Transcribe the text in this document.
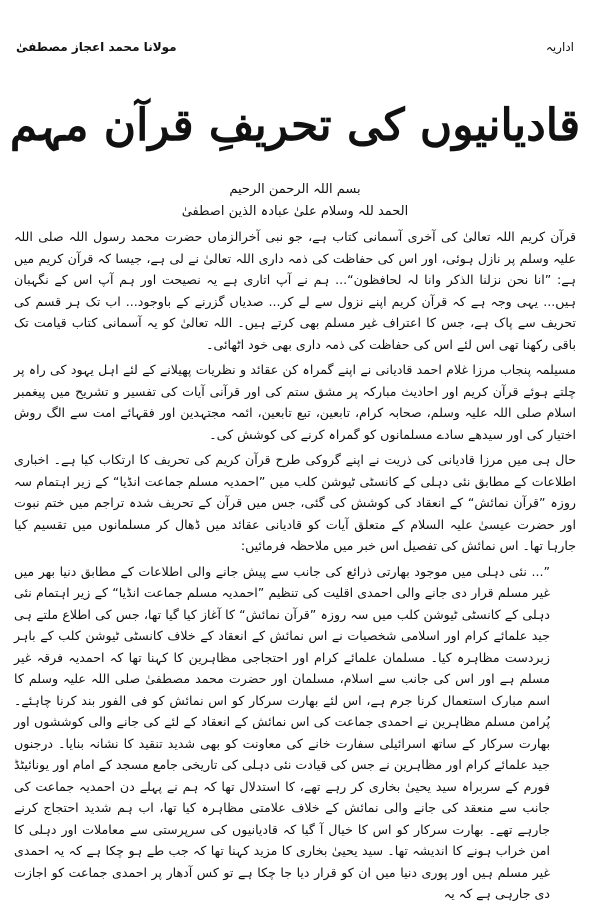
اداریہ
مولانا محمد اعجاز مصطفیٰ
قادیانیوں کی تحریفِ قرآن مہم
بسم اللہ الرحمن الرحیم
الحمد للہ وسلام علیٰ عبادہ الذین اصطفیٰ

قرآن کریم اللہ تعالیٰ کی آخری آسمانی کتاب ہے، جو نبی آخرالزماں حضرت محمد رسول اللہ صلی اللہ علیہ وسلم پر نازل ہوئی، اور اس کی حفاظت کی ذمہ داری اللہ تعالیٰ نے لی ہے، جیسا کہ قرآن کریم میں ہے: ”انا نحن نزلنا الذکر وانا لہ لحافظون“... ہم نے آپ اتاری ہے یہ نصیحت اور ہم آپ اس کے نگہبان ہیں... یہی وجہ ہے کہ قرآن کریم اپنے نزول سے لے کر... صدیاں گزرنے کے باوجود... اب تک ہر قسم کی تحریف سے پاک ہے، جس کا اعتراف غیر مسلم بھی کرتے ہیں۔ اللہ تعالیٰ کو یہ آسمانی کتاب قیامت تک باقی رکھنا تھی اس لئے اس کی حفاظت کی ذمہ داری بھی خود اٹھائی۔

مسیلمہ پنجاب مرزا غلام احمد قادیانی نے اپنے گمراہ کن عقائد و نظریات پھیلانے کے لئے اہل یہود کی راہ پر چلتے ہوئے قرآن کریم اور احادیث مبارکہ پر مشق ستم کی اور قرآنی آیات کی تفسیر و تشریح میں پیغمبر اسلام صلی اللہ علیہ وسلم، صحابہ کرام، تابعین، تبع تابعین، ائمہ مجتہدین اور فقہائے امت سے الگ روش اختیار کی اور سیدھے سادے مسلمانوں کو گمراہ کرنے کی کوشش کی۔

حال ہی میں مرزا قادیانی کی ذریت نے اپنے گروکی طرح قرآن کریم کی تحریف کا ارتکاب کیا ہے۔ اخباری اطلاعات کے مطابق نئی دہلی کے کانسٹی ٹیوشن کلب میں ”احمدیہ مسلم جماعت انڈیا“ کے زیر اہتمام سہ روزہ ”قرآن نمائش“ کے انعقاد کی کوشش کی گئی، جس میں قرآن کے تحریف شدہ تراجم میں ختم نبوت اور حضرت عیسیٰ علیہ السلام کے متعلق آیات کو قادیانی عقائد میں ڈھال کر مسلمانوں میں تقسیم کیا جارہا تھا۔ اس نمائش کی تفصیل اس خبر میں ملاحظہ فرمائیں:

”... نئی دہلی میں موجود بھارتی ذرائع کی جانب سے پیش جانے والی اطلاعات کے مطابق دنیا بھر میں غیر مسلم قرار دی جانے والی احمدی اقلیت کی تنظیم ”احمدیہ مسلم جماعت انڈیا“ کے زیر اہتمام نئی دہلی کے کانسٹی ٹیوشن کلب میں سہ روزہ ”قرآن نمائش“ کا آغاز کیا گیا تھا، جس کی اطلاع ملتے ہی جید علمائے کرام اور اسلامی شخصیات نے اس نمائش کے انعقاد کے خلاف کانسٹی ٹیوشن کلب کے باہر زبردست مظاہرہ کیا۔ مسلمان علمائے کرام اور احتجاجی مظاہرین کا کہنا تھا کہ احمدیہ فرقہ غیر مسلم ہے اور اس کی جانب سے اسلام، مسلمان اور حضرت محمد مصطفیٰ صلی اللہ علیہ وسلم کا اسم مبارک استعمال کرنا جرم ہے، اس لئے بھارت سرکار کو اس نمائش کو فی الفور بند کرنا چاہئے۔ پُرامن مسلم مظاہرین نے احمدی جماعت کی اس نمائش کے انعقاد کے لئے کی جانے والی کوششوں اور بھارت سرکار کے ساتھ اسرائیلی سفارت خانے کی معاونت کو بھی شدید تنقید کا نشانہ بنایا۔ درجنوں جید علمائے کرام اور مظاہرین نے جس کی قیادت نئی دہلی کی تاریخی جامع مسجد کے امام اور یونائیٹڈ فورم کے سربراہ سید یحییٰ بخاری کر رہے تھے، کا استدلال تھا کہ ہم نے پہلے دن احمدیہ جماعت کی جانب سے منعقد کی جانے والی نمائش کے خلاف علامتی مظاہرہ کیا تھا، اب ہم شدید احتجاج کرنے جارہے تھے۔ بھارت سرکار کو اس کا خیال آ گیا کہ قادیانیوں کی سرپرستی سے معاملات اور دہلی کا امن خراب ہونے کا اندیشہ تھا۔ سید یحییٰ بخاری کا مزید کہنا تھا کہ جب طے ہو چکا ہے کہ یہ احمدی غیر مسلم ہیں اور پوری دنیا میں ان کو قرار دیا جا چکا ہے تو کس آدھار پر احمدی جماعت کو اجازت دی جارہی ہے کہ یہ
